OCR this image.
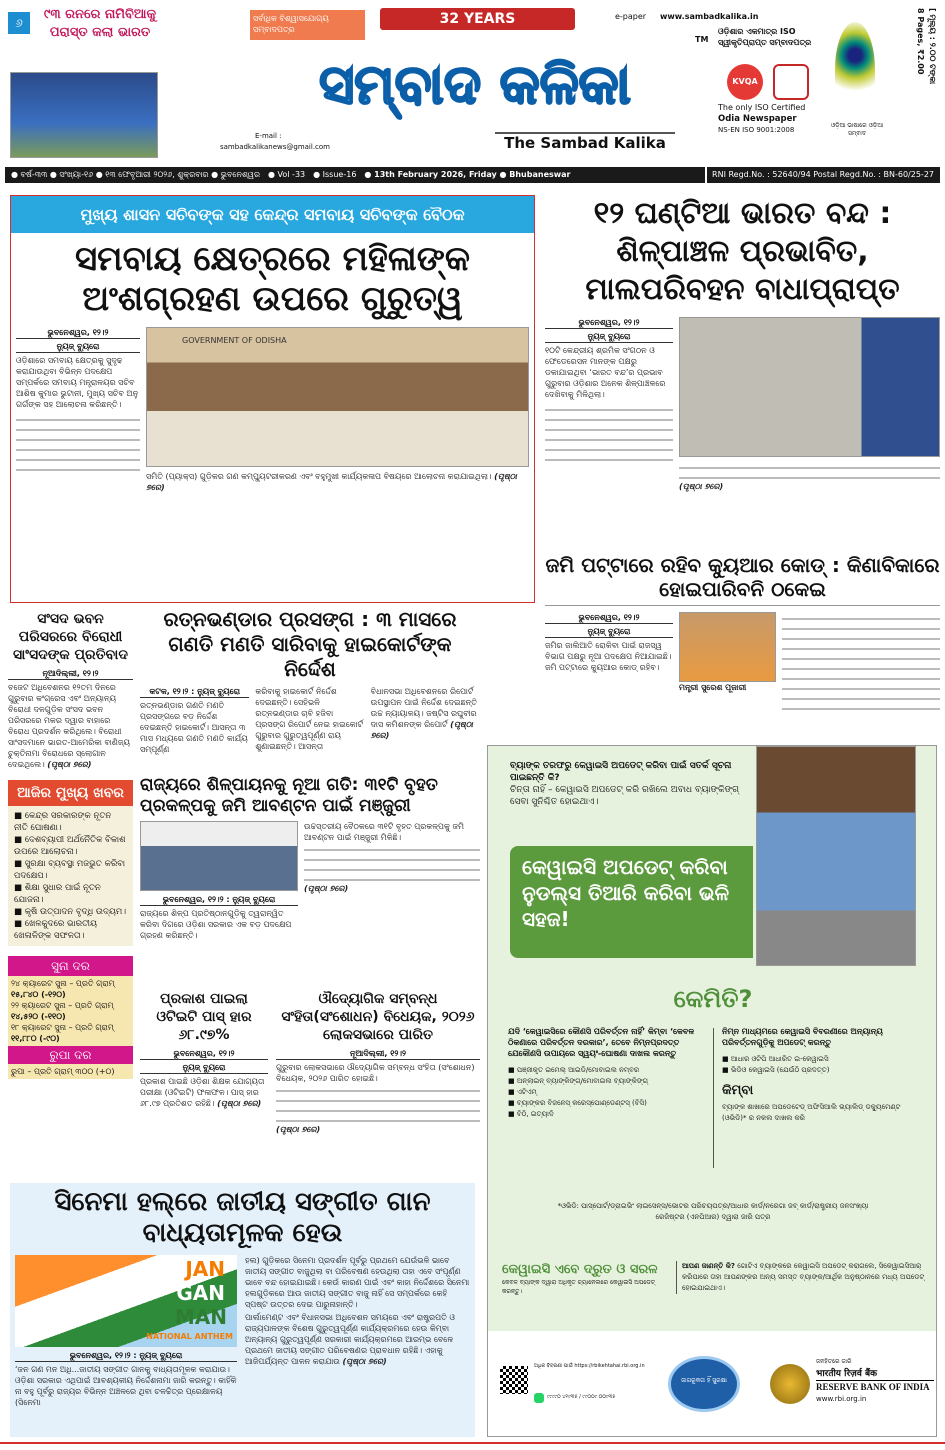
୬
୯୩ ରନରେ ନାମିବିଆକୁ ପରାସ୍ତ କଲା ଭାରତ
ସର୍ବାଧିକ ବିଶ୍ୱାସଯୋଗ୍ୟ ସମ୍ବାଦପତ୍ର
32 YEARS
ସମ୍ବାଦ କଳିକା
The Sambad Kalika
E-mail :
sambadkalikanews@gmail.com
e-paper www.sambadkalika.in
TM
ଓଡ଼ିଶାର ଏକମାତ୍ର ISO ସ୍ୱୀକୃତିପ୍ରାପ୍ତ ସମ୍ବାଦପତ୍ର
KVQA
The only ISO Certified
Odia Newspaper
NS-EN ISO 9001:2008
ଓଡ଼ିଆ ଭାଷାରେ ଓଡ଼ିଆ ସମ୍ବାଦ
[ ମୂଲ୍ୟ : ୨.୦୦ ଟଙ୍କା
8 Pages, ₹2.00
● ବର୍ଷ-୩୩ ● ସଂଖ୍ୟା-୧୬ ● ୧୩ ଫେବୃଆରୀ ୨୦୨୬, ଶୁକ୍ରବାର ● ଭୁବନେଶ୍ୱର ● Vol -33 ● Issue-16 ● 13th February 2026, Friday ● Bhubaneswar	RNI Regd.No. : 52640/94 Postal Regd.No. : BN-60/25-27
ମୁଖ୍ୟ ଶାସନ ସଚିବଙ୍କ ସହ କେନ୍ଦ୍ର ସମବାୟ ସଚିବଙ୍କ ବୈଠକ
ସମବାୟ କ୍ଷେତ୍ରରେ ମହିଳାଙ୍କ ଅଂଶଗ୍ରହଣ ଉପରେ ଗୁରୁତ୍ୱ
ଭୁବନେଶ୍ୱର, ୧୨।୨
ନ୍ୟୁଜ୍ ବ୍ୟୁରୋ
ଓଡ଼ିଶାରେ ସମବାୟ କ୍ଷେତ୍ରକୁ ସୁଦୃଢ କରାଯାଉଥିବା ବିଭିନ୍ନ ପଦକ୍ଷେପ ସମ୍ପର୍କରେ ସମବାୟ ମନ୍ତ୍ରାଳୟର ସଚିବ ଆଶିଷ କୁମାର ଭୁଟାନୀ, ମୁଖ୍ୟ ସଚିବ ଅନୁ ଗର୍ଗଙ୍କ ସହ ଆଲୋଚନା କରିଛନ୍ତି।
GOVERNMENT OF ODISHA
ସମିତି (ପ୍ୟାକ୍ସ) ଗୁଡ଼ିକର ଗଣ କମ୍ପ୍ୟୁଟରୀକରଣ ଏବଂ ବହୁମୁଖୀ କାର୍ଯ୍ୟକଳାପ ବିଷୟରେ ଆଲୋଚନା କରାଯାଇଥିଲା। (ପୃଷ୍ଠା ୭ରେ)
୧୨ ଘଣ୍ଟିଆ ଭାରତ ବନ୍ଦ : ଶିଳ୍ପାଞ୍ଚଳ ପ୍ରଭାବିତ, ମାଲପରିବହନ ବାଧାପ୍ରାପ୍ତ
ଭୁବନେଶ୍ୱର, ୧୨।୨
ନ୍ୟୁଜ୍ ବ୍ୟୁରୋ
୧୦ଟି କେନ୍ଦ୍ରୀୟ ଶ୍ରମିକ ସଂଗଠନ ଓ ଫେଡେରେସନ ମାନଙ୍କ ପକ୍ଷରୁ ଡକାଯାଇଥିବା ‘ଭାରତ ବନ୍ଦ’ର ପ୍ରଭାବ ଗୁରୁବାର ଓଡ଼ିଶାର ଅନେକ ଶିଳ୍ପାଞ୍ଚଳରେ ଦେଖିବାକୁ ମିଳିଥିଲା।
(ପୃଷ୍ଠା ୭ରେ)
ଜମି ପଟ୍ଟାରେ ରହିବ କ୍ୟୁଆର କୋଡ୍ : କିଣାବିକାରେ ହୋଇପାରିବନି ଠକେଇ
ଭୁବନେଶ୍ୱର, ୧୨।୨
ନ୍ୟୁଜ୍ ବ୍ୟୁରୋ
ଜମିର ଜାଲିଆତି ରୋକିବା ପାଇଁ ରାଜସ୍ୱ ବିଭାଗ ପକ୍ଷରୁ ନୂଆ ପଦକ୍ଷେପ ନିଆଯାଇଛି। ଜମି ପଟ୍ଟାରେ କ୍ୟୁଆର କୋଡ୍ ରହିବ।
ମନ୍ତ୍ରୀ ସୁରେଶ ପୂଜାରୀ
ସଂସଦ ଭବନ ପରିସରରେ ବିରୋଧୀ ସାଂସଦଙ୍କ ପ୍ରତିବାଦ
ନୂଆଦିଲ୍ଲୀ, ୧୨।୨
ବଜେଟ ଅଧିବେଶନର ୧୨ତମ ଦିନରେ ଗୁରୁବାର କଂଗ୍ରେସ ଏବଂ ଅନ୍ୟାନ୍ୟ ବିରୋଧୀ ଦଳଗୁଡ଼ିକ ସଂସଦ ଭବନ ପରିସରରେ ମକର ଦ୍ୱାର ବାହାରେ ବିରୋଧ ପ୍ରଦର୍ଶନ କରିଥିଲେ। ବିରୋଧୀ ସାଂସଦମାନେ ଭାରତ-ଆମେରିକା ବାଣିଜ୍ୟ ଚୁକ୍ତିନାମା ବିରୋଧରେ ସ୍ଲୋଗାନ ଦେଇଥିଲେ। (ପୃଷ୍ଠା ୭ରେ)
ଆଜିର ମୁଖ୍ୟ ଖବର
■ କେନ୍ଦ୍ର ସରକାରଙ୍କ ନୂତନ ନୀତି ଘୋଷଣା।
■ ଦେଶବ୍ୟାପୀ ଅର୍ଥନୈତିକ ବିକାଶ ଉପରେ ଆଲୋଚନା।
■ ସୁରକ୍ଷା ବ୍ୟବସ୍ଥା ମଜଭୁତ କରିବା ପଦକ୍ଷେପ।
■ ଶିକ୍ଷା ସୁଧାର ପାଇଁ ନୂତନ ଯୋଜନା।
■ କୃଷି ଉତ୍ପାଦନ ବୃଦ୍ଧି ଉଦ୍ୟମ।
■ ଖେଳକୁଦରେ ଭାରତୀୟ ଖେଳାଳିଙ୍କ ସଫଳତା।
ସୁନା ଦର
୨୪ କ୍ୟାରେଟ ସୁନା – ପ୍ରତି ଗ୍ରାମ୍
୧୫,୮୪୦ (-୧୨୦)
୨୨ କ୍ୟାରେଟ ସୁନା – ପ୍ରତି ଗ୍ରାମ୍
୧୪,୫୨୦ (-୧୧୦)
୧୮ କ୍ୟାରେଟ ସୁନା – ପ୍ରତି ଗ୍ରାମ୍
୧୧,୮୮୦ (-୯୦)
ରୁପା ଦର
ରୁପା – ପ୍ରତି ଗ୍ରାମ୍ ୩୦୦ (+୦)
ରତ୍ନଭଣ୍ଡାର ପ୍ରସଙ୍ଗ : ୩ ମାସରେ ଗଣତି ମଣତି ସାରିବାକୁ ହାଇକୋର୍ଟଙ୍କ ନିର୍ଦ୍ଦେଶ
କଟକ, ୧୨।୨ : ନ୍ୟୁଜ୍ ବ୍ୟୁରୋ
ରତ୍ନଭଣ୍ଡାର ଗଣତି ମଣତି ପ୍ରସଙ୍ଗରେ ବଡ଼ ନିର୍ଦ୍ଦେଶ ଦେଇଛନ୍ତି ହାଇକୋର୍ଟ। ଆସନ୍ତା ୩ ମାସ ମଧ୍ୟରେ ଗଣତି ମଣତି କାର୍ଯ୍ୟ ସମ୍ପୂର୍ଣ୍ଣ
କରିବାକୁ ହାଇକୋର୍ଟ ନିର୍ଦ୍ଦେଶ ଦେଇଛନ୍ତି। ସେହିଭଳି ରତ୍ନଭଣ୍ଡାର ଚାବି ହଜିବା ପ୍ରସଙ୍ଗ ରିପୋର୍ଟ ନେଇ ହାଇକୋର୍ଟ ଗୁରୁବାର ଗୁରୁତ୍ୱପୂର୍ଣ୍ଣ ରାୟ ଶୁଣାଇଛନ୍ତି। ଆସନ୍ତା
ବିଧାନସଭା ଅଧିବେଶନରେ ରିପୋର୍ଟ ଉପସ୍ଥାପନ ପାଇଁ ନିର୍ଦ୍ଦେଶ ଦେଇଛନ୍ତି ଉଚ୍ଚ ନ୍ୟାୟାଳୟ। ଜଷ୍ଟିସ ରଘୁବୀର ଦାସ କମିଶନଙ୍କ ରିପୋର୍ଟ (ପୃଷ୍ଠା ୭ରେ)
ରାଜ୍ୟରେ ଶିଳ୍ପାୟନକୁ ନୂଆ ଗତି: ୩୧ଟି ବୃହତ ପ୍ରକଳ୍ପକୁ ଜମି ଆବଣ୍ଟନ ପାଇଁ ମଞ୍ଜୁରୀ
ଭୁବନେଶ୍ୱର, ୧୨।୨ : ନ୍ୟୁଜ୍ ବ୍ୟୁରୋ
ରାଜ୍ୟରେ ଶିଳ୍ପ ପ୍ରତିଷ୍ଠାନଗୁଡ଼ିକୁ ତ୍ୱରାନ୍ୱିତ କରିବା ଦିଗରେ ଓଡ଼ିଶା ସରକାର ଏକ ବଡ଼ ପଦକ୍ଷେପ ଗ୍ରହଣ କରିଛନ୍ତି।
ଉଚ୍ଚସ୍ତରୀୟ ବୈଠକରେ ୩୧ଟି ବୃହତ ପ୍ରକଳ୍ପକୁ ଜମି ଆବଣ୍ଟନ ପାଇଁ ମଞ୍ଜୁରୀ ମିଳିଛି।
(ପୃଷ୍ଠା ୭ରେ)
ପ୍ରକାଶ ପାଇଲା ଓଟିଇଟି ପାସ୍ ହାର ୬୮.୯୭%
ଭୁବନେଶ୍ୱର, ୧୨।୨
ନ୍ୟୁଜ୍ ବ୍ୟୁରୋ
ପ୍ରକାଶ ପାଇଛି ଓଡ଼ିଶା ଶିକ୍ଷକ ଯୋଗ୍ୟତା ପରୀକ୍ଷା (ଓଟିଇଟି) ଫଳାଫଳ। ପାସ୍ ହାର ୬୮.୯୭ ପ୍ରତିଶତ ରହିଛି। (ପୃଷ୍ଠା ୭ରେ)
ଔଦ୍ୟୋଗିକ ସମ୍ବନ୍ଧ ସଂହିତା(ସଂଶୋଧନ) ବିଧେୟକ, ୨୦୨୬ ଲୋକସଭାରେ ପାରିତ
ନୂଆଦିଲ୍ଲୀ, ୧୨।୨
ଗୁରୁବାର ଲୋକସଭାରେ ଔଦ୍ୟୋଗିକ ସମ୍ବନ୍ଧ ସଂହିତା (ସଂଶୋଧନ) ବିଧେୟକ, ୨୦୨୬ ପାରିତ ହୋଇଛି।
(ପୃଷ୍ଠା ୭ରେ)
ସିନେମା ହଲ୍‌ରେ ଜାତୀୟ ସଙ୍ଗୀତ ଗାନ ବାଧ୍ୟତାମୂଳକ ହେଉ
JAN
GAN
MAN
NATIONAL ANTHEM
ଭୁବନେଶ୍ୱର, ୧୨।୨ : ନ୍ୟୁଜ୍ ବ୍ୟୁରୋ
‘ଜନ ଗଣ ମନ ଅଧି...ଜାତୀୟ ସଙ୍ଗୀତ ଗାନକୁ ବାଧ୍ୟତାମୂଳକ କରାଯାଉ। ଓଡ଼ିଶା ସରକାର ଏଥିପାଇଁ ଆବଶ୍ୟକୀୟ ନିର୍ଦ୍ଦେଶନାମା ଜାରି କରନ୍ତୁ। କାହିଁକି ନା ବହୁ ପୂର୍ବରୁ ରାଜ୍ୟର ବିଭିନ୍ନ ଅଞ୍ଚଳରେ ଥିବା ଚଳଚ୍ଚିତ୍ର ପ୍ରେକ୍ଷାଳୟ (ସିନେମା
ହଲ) ଗୁଡ଼ିକରେ ସିନେମା ପ୍ରଦର୍ଶନ ପୂର୍ବରୁ ପ୍ରଥମେ ଯେଉଁଭଳି ଭାବେ ଜାତୀୟ ସଙ୍ଗୀତ ବାଜୁଥିଲା ବା ପରିବେଷଣ ହେଉଥିଲା ତାହା ଏବେ ସଂପୂର୍ଣ୍ଣ ଭାବେ ବନ୍ଦ ହୋଇଯାଇଛି। କେଉଁ କାରଣ ପାଇଁ ଏବଂ କାହା ନିର୍ଦ୍ଦେଶରେ ସିନେମା ହଲଗୁଡ଼ିକରେ ଆଉ ଜାତୀୟ ସଙ୍ଗୀତ ବାଜୁ ନାହିଁ ସେ ସମ୍ପର୍କରେ କେହି ସ୍ପଷ୍ଟ ଉତ୍ତର ଦେଇ ପାରୁନାହାନ୍ତି।
ପାର୍ଲାମେଣ୍ଟ ଏବଂ ବିଧାନସଭା ଅଧିବେଶନ ସମୟରେ ଏବଂ ରାଷ୍ଟ୍ରପତି ଓ ରାଜ୍ୟପାଳଙ୍କ ବିଶେଷ ଗୁରୁତ୍ୱପୂର୍ଣ୍ଣ କାର୍ଯ୍ୟକ୍ରମରେ ହେଉ କିମ୍ବା ଅନ୍ୟାନ୍ୟ ଗୁରୁତ୍ୱପୂର୍ଣ୍ଣ ସରକାରୀ କାର୍ଯ୍ୟକ୍ରମରେ ଆରମ୍ଭ ବେଳେ ପ୍ରଥମେ ଜାତୀୟ ସଙ୍ଗୀତ ପରିବେଷଣର ପ୍ରାବଧାନ ରହିଛି। ଏହାକୁ ଆଜିପର୍ଯ୍ୟନ୍ତ ପାଳନ କରାଯାଉ (ପୃଷ୍ଠା ୭ରେ)
ବ୍ୟାଙ୍କ ତରଫରୁ କେୱାଇସି ଅପଡେଟ୍ କରିବା ପାଇଁ ସତର୍କ ସୂଚନା ପାଇଛନ୍ତି କି?
ଚିନ୍ତା ନାହିଁ – କେୱାଇସି ଅପଡେଟ୍ କରି ରଖିଲେ ଅବାଧ ବ୍ୟାଙ୍କିଙ୍ଗ୍ ସେବା ସୁନିଶ୍ଚିତ ହୋଇଥାଏ।
କେୱାଇସି ଅପଡେଟ୍ କରିବା ନୁଡଲ୍ସ ତିଆରି କରିବା ଭଳି ସହଜ!
କେମିତି?
ଯଦି ‘କେୱାଇସିରେ କୌଣସି ପରିବର୍ତ୍ତନ ନାହିଁ’ କିମ୍ବା ‘କେବଳ ଠିକଣାରେ ପରିବର୍ତ୍ତନ ଦରକାର’, ତେବେ ନିମ୍ନପ୍ରଦତ୍ତ ଯେକୌଣସି ଉପାୟରେ ସ୍ୱୟଂ-ଘୋଷଣା ଦାଖଲ କରନ୍ତୁ
■ ପଞ୍ଜୀକୃତ ଇମେଲ୍ ଆଇଡି/ମୋବାଇଲ ନମ୍ବର
■ ଅନ୍‌ଲାଇନ୍ ବ୍ୟାଙ୍କିଙ୍ଗ୍/ମୋବାଇଲ ବ୍ୟାଙ୍କିଙ୍ଗ୍
■ ଏଟିଏମ୍
■ ବ୍ୟାଙ୍କର ବିଜନେସ୍ କରେସ୍‌ପୋଣ୍ଡେଣ୍ଟସ୍ (ବିସି)
■ ବିଠି, ଇତ୍ୟାଦି
ନିମ୍ନ ମାଧ୍ୟମରେ କେୱାଇସି ବିବରଣୀରେ ଅନ୍ୟାନ୍ୟ ପରିବର୍ତ୍ତନଗୁଡ଼ିକୁ ଅପଡେଟ୍ କରନ୍ତୁ
■ ଆଧାର ଓଟିପି ଆଧାରିତ ଇ-କେୱାଇସି
■ ଭିଡିଓ କେୱାଇସି (ଯେଉଁଠି ପ୍ରଦତ୍ତ)
କିମ୍ବା
ବ୍ୟାଙ୍କ ଶାଖାରେ ଅପଡେଟେଡ୍ ଅଫିସିଆଲି ଭ୍ୟାଲିଡ୍ ଡକ୍ୟୁମେଣ୍ଟ (ଓଭିଡି)* ର ନକଲ ଦାଖଲ କରି
*ଓଭିଡି: ପାସ୍‌ପୋର୍ଟ/ଡ୍ରାଇଭିଂ ଲାଇସେନ୍ସ/ଭୋଟର ପରିଚୟପତ୍ର/ଆଧାର କାର୍ଡ/ନରେଗା ଜବ୍ କାର୍ଡ/ରାଷ୍ଟ୍ରୀୟ ଜନସଂଖ୍ୟା ରେଜିଷ୍ଟର (ଏନପିଆର) ଦ୍ୱାରା ଜାରି ପତ୍ର
କେୱାଇସି ଏବେ ଦ୍ରୁତ ଓ ସରଳ
କେବଳ ବ୍ୟାଙ୍କ ଦ୍ୱାରା ଅଧିକୃତ ଚ୍ୟାନେଲରେ କେୱାଇସି ଅପଡେଟ୍ କରନ୍ତୁ।
ଆପଣ ଜାଣନ୍ତି କି? ଗୋଟିଏ ବ୍ୟାଙ୍କରେ କେୱାଇସି ଅପଡେଟ୍ କରାଗଲେ, ସିକେୱାଇସିଆର୍ କରିପାରେ ତାହା ଆପଣଙ୍କର ଅନ୍ୟ ସମସ୍ତ ବ୍ୟାଙ୍କ/ଆର୍ଥିକ ଅନୁଷ୍ଠାନରେ ମଧ୍ୟ ଅପଡେଟ୍ ହୋଇଯାଇଥାଏ।
ଅଧିକ ବିବରଣୀ ପାଇଁ https://rbikehtahai.rbi.org.in
୯୯୯୯୦ ୪୧୯୩୫ / ୯୯୦୦୯ ୦୦୯୩୫
ଜାଗରୂକତା ହିଁ ସୁରକ୍ଷା
ଜନହିତରେ ଜାରି
भारतीय रिज़र्व बैंक
RESERVE BANK OF INDIA
www.rbi.org.in
